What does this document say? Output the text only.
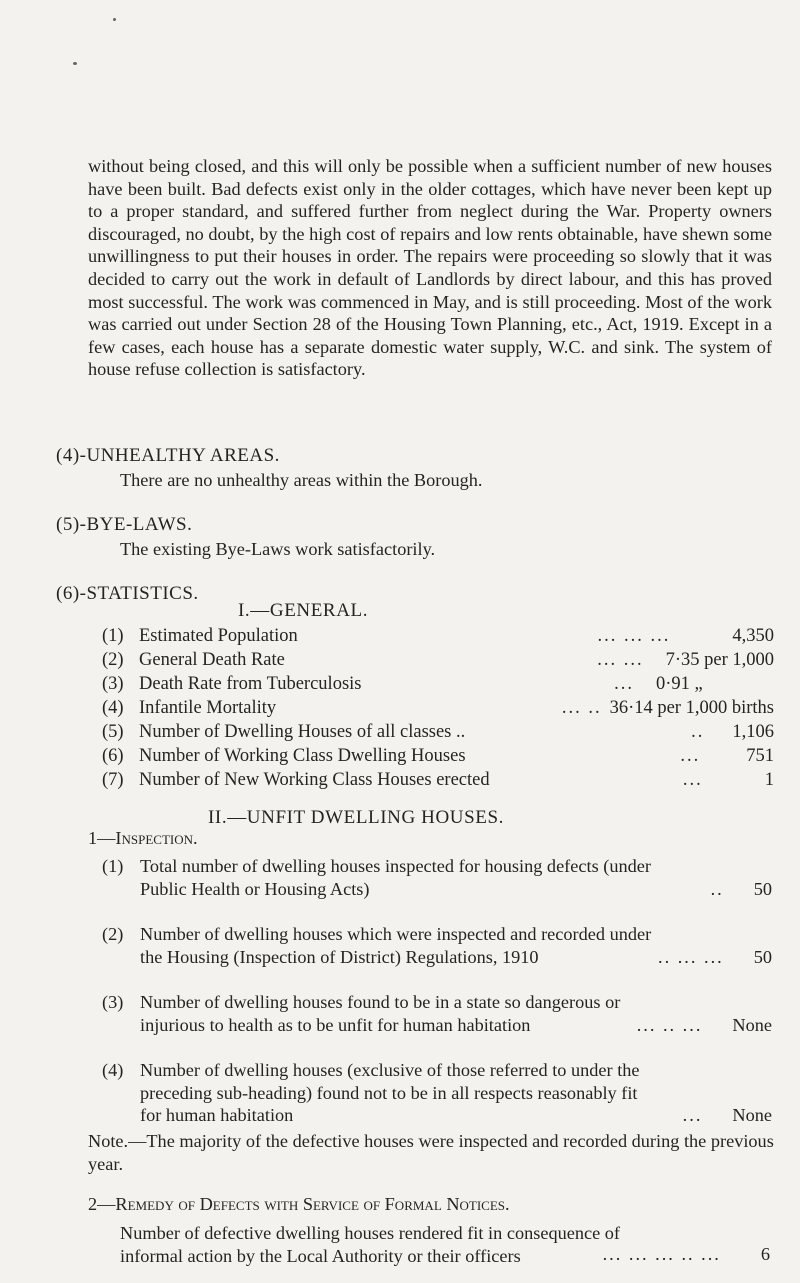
without being closed, and this will only be possible when a sufficient number of new houses have been built. Bad defects exist only in the older cottages, which have never been kept up to a proper standard, and suffered further from neglect during the War. Property owners discouraged, no doubt, by the high cost of repairs and low rents obtainable, have shewn some unwillingness to put their houses in order. The repairs were proceeding so slowly that it was decided to carry out the work in default of Landlords by direct labour, and this has proved most successful. The work was commenced in May, and is still proceeding. Most of the work was carried out under Section 28 of the Housing Town Planning, etc., Act, 1919. Except in a few cases, each house has a separate domestic water supply, W.C. and sink. The system of house refuse collection is satisfactory.

(4)-UNHEALTHY AREAS.
There are no unhealthy areas within the Borough.
(5)-BYE-LAWS.
The existing Bye-Laws work satisfactorily.
(6)-STATISTICS.
I.—GENERAL.
(1) Estimated Population	... ... ...	4,350
(2) General Death Rate	... ... 7·35 per 1,000
(3) Death Rate from Tuberculosis	... 0·91 „
(4) Infantile Mortality	... .. 36·14 per 1,000 births
(5) Number of Dwelling Houses of all classes ..	.. 1,106
(6) Number of Working Class Dwelling Houses	... 751
(7) Number of New Working Class Houses erected	...	1
II.—UNFIT DWELLING HOUSES.
1—Inspection.
(1) Total number of dwelling houses inspected for housing defects (under Public Health or Housing Acts)	.. 50
(2) Number of dwelling houses which were inspected and recorded under the Housing (Inspection of District) Regulations, 1910	.. ... ... 50
(3) Number of dwelling houses found to be in a state so dangerous or injurious to health as to be unfit for human habitation	... .. ... None
(4) Number of dwelling houses (exclusive of those referred to under the preceding sub-heading) found not to be in all respects reasonably fit for human habitation	... None
Note.—The majority of the defective houses were inspected and recorded during the previous year.
2—Remedy of Defects with Service of Formal Notices.
Number of defective dwelling houses rendered fit in consequence of informal action by the Local Authority or their officers	... ... ... .. ... 6
